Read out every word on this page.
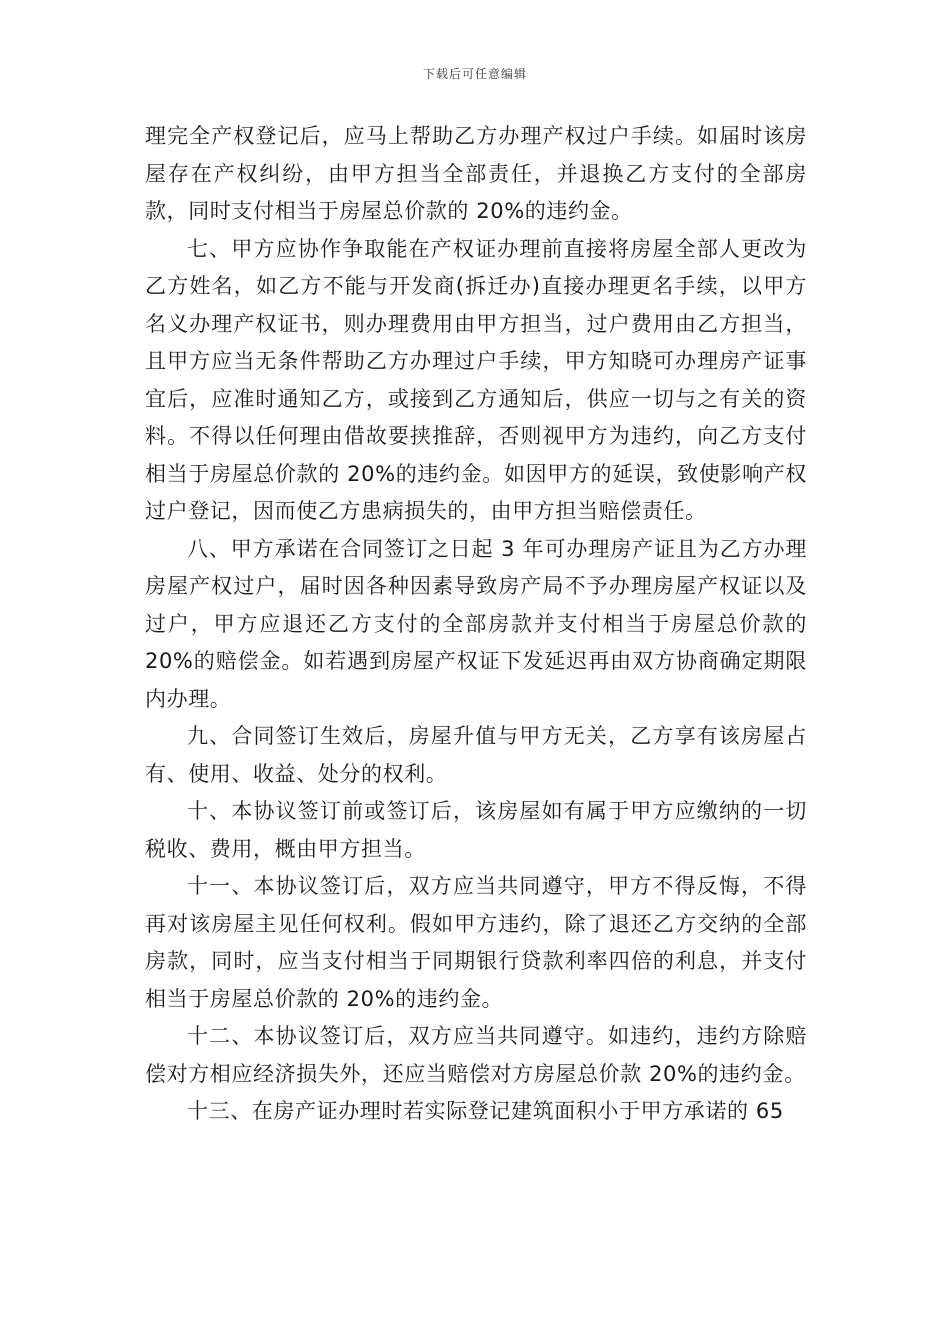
下载后可任意编辑

理完全产权登记后，应马上帮助乙方办理产权过户手续。如届时该房屋存在产权纠纷，由甲方担当全部责任，并退换乙方支付的全部房款，同时支付相当于房屋总价款的 20%的违约金。

七、甲方应协作争取能在产权证办理前直接将房屋全部人更改为乙方姓名，如乙方不能与开发商(拆迁办)直接办理更名手续，以甲方名义办理产权证书，则办理费用由甲方担当，过户费用由乙方担当，且甲方应当无条件帮助乙方办理过户手续，甲方知晓可办理房产证事 宜后，应准时通知乙方，或接到乙方通知后，供应一切与之有关的资料。不得以任何理由借故要挟推辞，否则视甲方为违约，向乙方支付相当于房屋总价款的 20%的违约金。如因甲方的延误，致使影响产权过户登记，因而使乙方患病损失的，由甲方担当赔偿责任。

八、甲方承诺在合同签订之日起 3 年可办理房产证且为乙方办理房屋产权过户，届时因各种因素导致房产局不予办理房屋产权证以及过户，甲方应退还乙方支付的全部房款并支付相当于房屋总价款的 20%的赔偿金。如若遇到房屋产权证下发延迟再由双方协商确定期限内办理。

九、合同签订生效后，房屋升值与甲方无关，乙方享有该房屋占有、使用、收益、处分的权利。

十、本协议签订前或签订后，该房屋如有属于甲方应缴纳的一切税收、费用，概由甲方担当。

十一、本协议签订后，双方应当共同遵守，甲方不得反悔，不得再对该房屋主见任何权利。假如甲方违约，除了退还乙方交纳的全部房款，同时，应当支付相当于同期银行贷款利率四倍的利息，并支付相当于房屋总价款的 20%的违约金。

十二、本协议签订后，双方应当共同遵守。如违约，违约方除赔偿对方相应经济损失外，还应当赔偿对方房屋总价款 20%的违约金。

十三、在房产证办理时若实际登记建筑面积小于甲方承诺的 65
